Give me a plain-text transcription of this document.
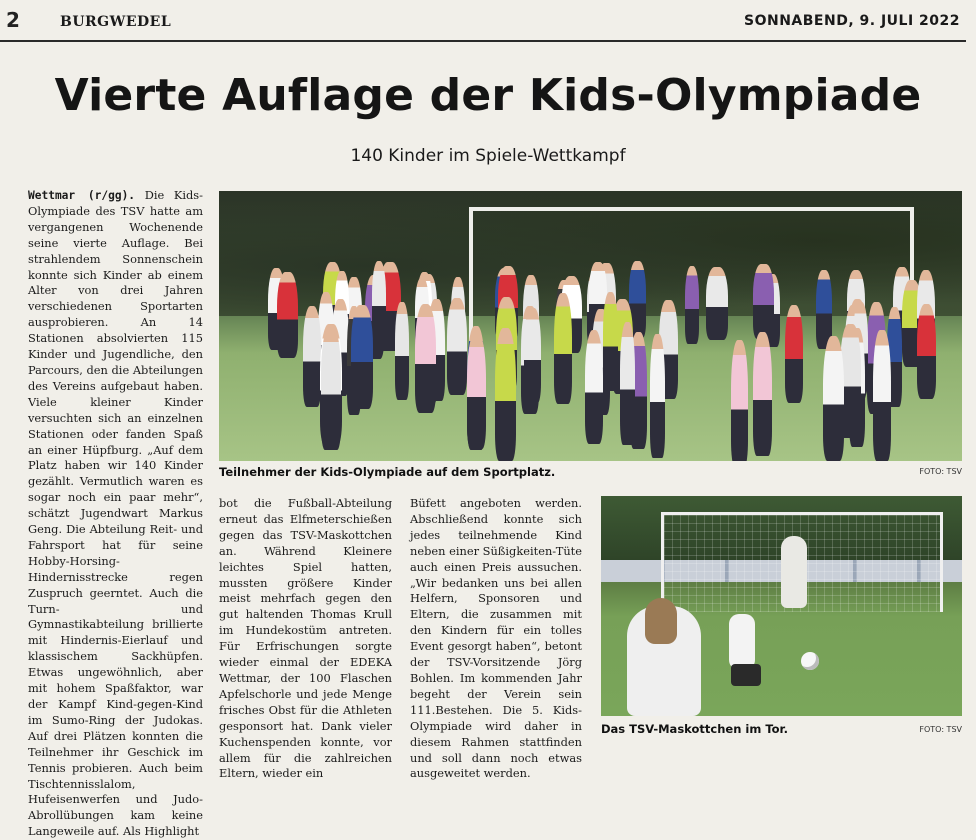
2	BURGWEDEL	SONNABEND, 9. JULI 2022
Vierte Auflage der Kids-Olympiade
140 Kinder im Spiele-Wettkampf

Wettmar (r/gg). Die Kids-Olympiade des TSV hatte am vergangenen Wochenende seine vierte Auflage. Bei strahlendem Sonnenschein konnte sich Kinder ab einem Alter von drei Jahren verschiedenen Sportarten ausprobieren. An 14 Stationen absolvierten 115 Kinder und Jugendliche, den Parcours, den die Abteilungen des Vereins aufgebaut haben. Viele kleiner Kinder versuchten sich an einzelnen Stationen oder fanden Spaß an einer Hüpfburg. „Auf dem Platz haben wir 140 Kinder gezählt. Vermutlich waren es sogar noch ein paar mehr“, schätzt Jugendwart Markus Geng. Die Abteilung Reit- und Fahrsport hat für seine Hobby-Horsing-Hindernisstrecke regen Zuspruch geerntet. Auch die Turn- und Gymnastikabteilung brillierte mit Hindernis-Eierlauf und klassischem Sackhüpfen. Etwas ungewöhnlich, aber mit hohem Spaßfaktor, war der Kampf Kind-gegen-Kind im Sumo-Ring der Judokas. Auf drei Plätzen konnten die Teilnehmer ihr Geschick im Tennis probieren. Auch beim Tischtennisslalom, Hufeisenwerfen und Judo-Abrollübungen kam keine Langeweile auf. Als Highlight

Teilnehmer der Kids-Olympiade auf dem Sportplatz.	FOTO: TSV

bot die Fußball-Abteilung erneut das Elfmeterschießen gegen das TSV-Maskottchen an. Während Kleinere leichtes Spiel hatten, mussten größere Kinder meist mehrfach gegen den gut haltenden Thomas Krull im Hundekostüm antreten. Für Erfrischungen sorgte wieder einmal der EDEKA Wettmar, der 100 Flaschen Apfelschorle und jede Menge frisches Obst für die Athleten gesponsort hat. Dank vieler Kuchenspenden konnte, vor allem für die zahlreichen Eltern, wieder ein

Büfett angeboten werden. Abschließend konnte sich jedes teilnehmende Kind neben einer Süßigkeiten-Tüte auch einen Preis aussuchen. „Wir bedanken uns bei allen Helfern, Sponsoren und Eltern, die zusammen mit den Kindern für ein tolles Event gesorgt haben“, betont der TSV-Vorsitzende Jörg Bohlen. Im kommenden Jahr begeht der Verein sein 111.Bestehen. Die 5. Kids-Olympiade wird daher in diesem Rahmen stattfinden und soll dann noch etwas ausgeweitet werden.

Das TSV-Maskottchen im Tor.	FOTO: TSV
